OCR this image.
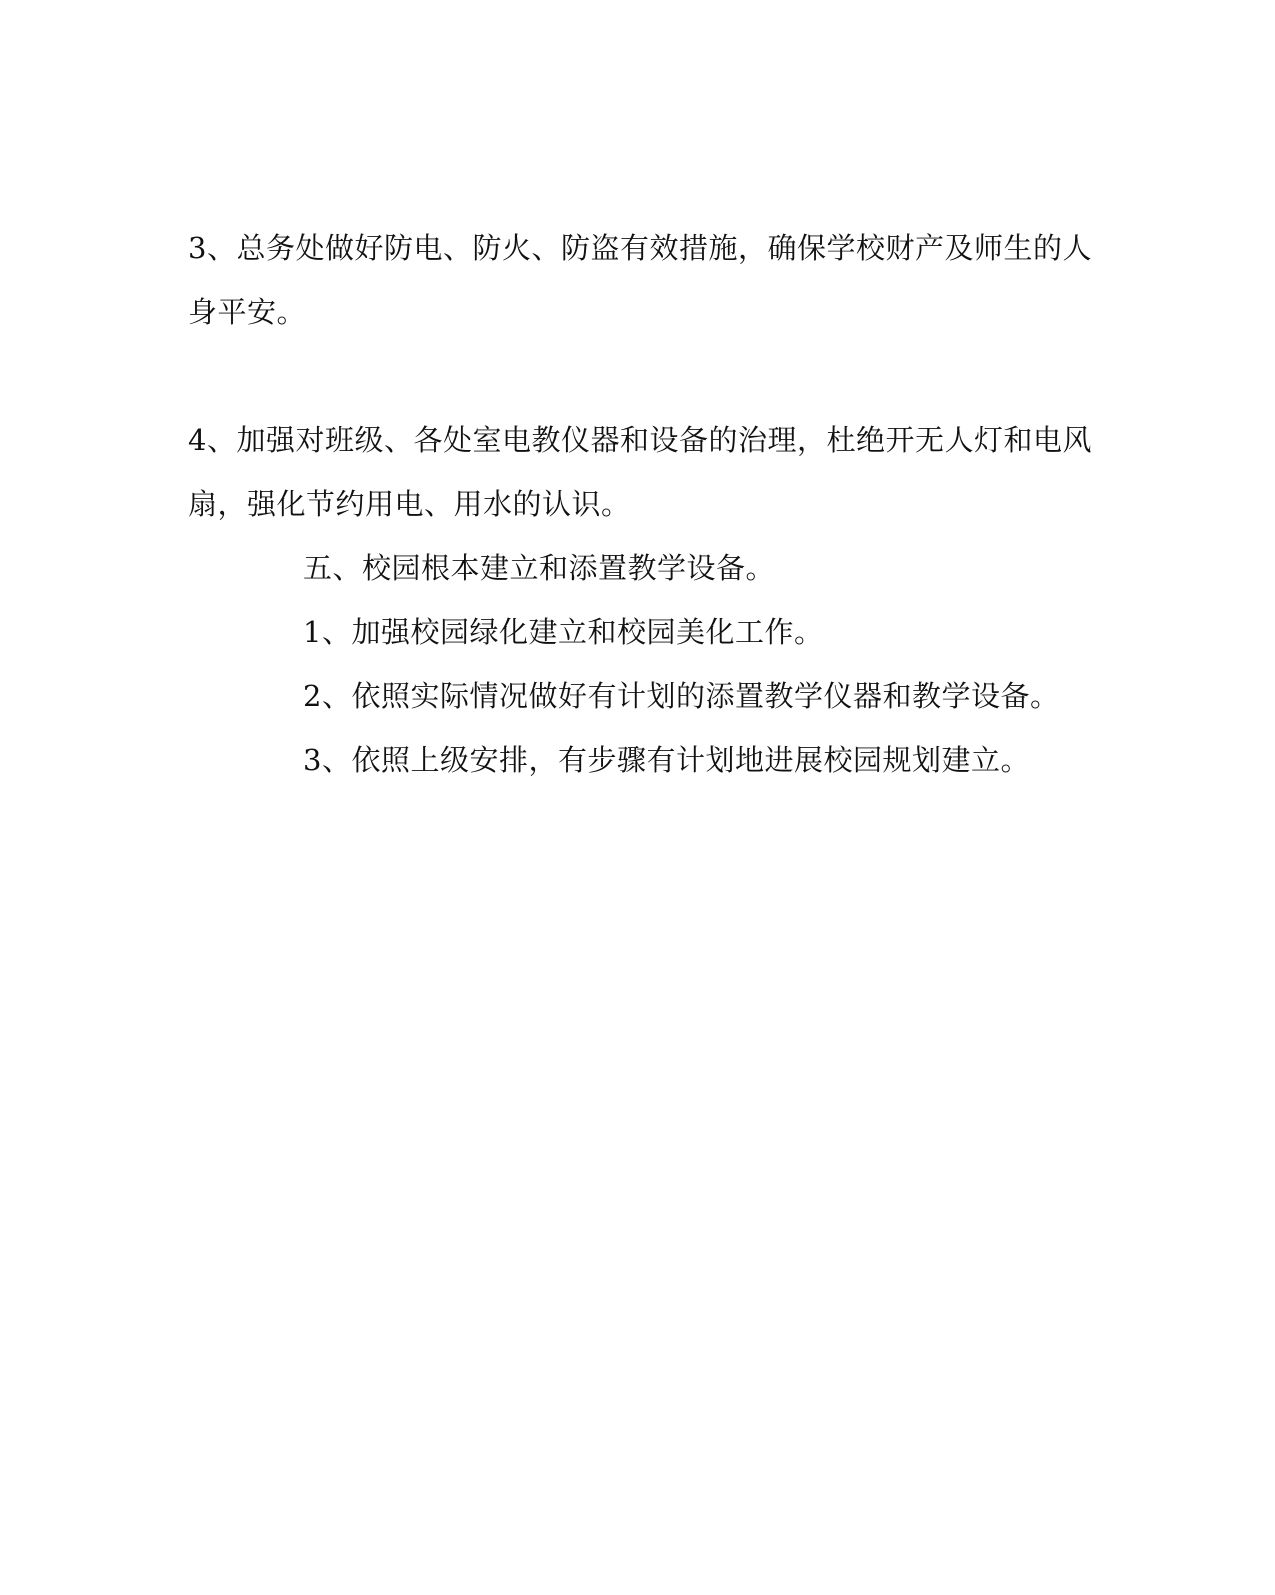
3、总务处做好防电、防火、防盗有效措施，确保学校财产及师生的人
身平安。
4、加强对班级、各处室电教仪器和设备的治理，杜绝开无人灯和电风
扇，强化节约用电、用水的认识。
五、校园根本建立和添置教学设备。
1、加强校园绿化建立和校园美化工作。
2、依照实际情况做好有计划的添置教学仪器和教学设备。
3、依照上级安排，有步骤有计划地进展校园规划建立。
